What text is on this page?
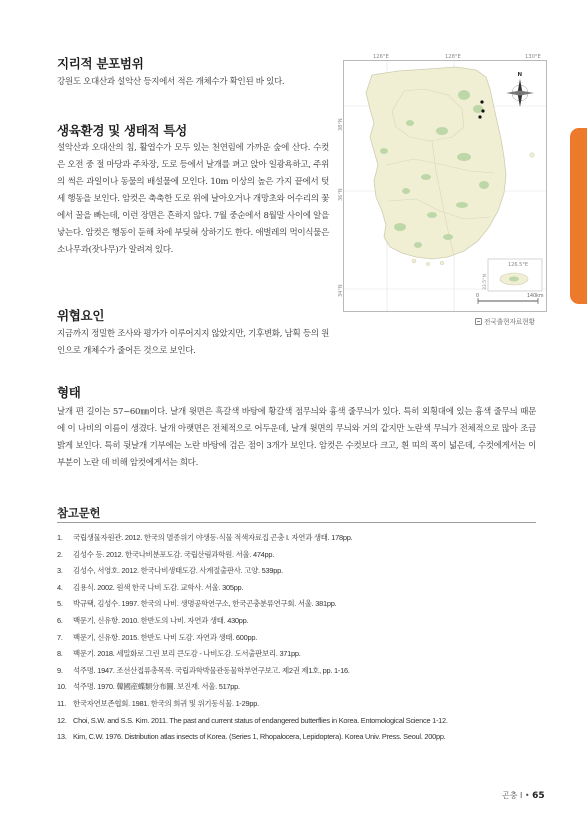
지리적 분포범위

강원도 오대산과 설악산 등지에서 적은 개체수가 확인된 바 있다.

생육환경 및 생태적 특성

설악산과 오대산의 침, 활엽수가 모두 있는 천연림에 가까운 숲에 산다. 수컷은 오전 중 절 마당과 주차장, 도로 등에서 날개를 펴고 앉아 일광욕하고, 주위의 썩은 과일이나 동물의 배설물에 모인다. 10m 이상의 높은 가지 끝에서 텃세 행동을 보인다. 암컷은 축축한 도로 위에 날아오거나 개망초와 어수리의 꽃에서 꿀을 빠는데, 이런 장면은 흔하지 않다. 7월 중순에서 8월말 사이에 알을 낳는다. 암컷은 행동이 둔해 차에 부딪혀 상하기도 한다. 애벌레의 먹이식물은 소나무과(잣나무)가 알려져 있다.

위협요인

지금까지 정밀한 조사와 평가가 이루어지지 않았지만, 기후변화, 남획 등의 원인으로 개체수가 줄어든 것으로 보인다.

형태

날개 편 길이는 57~60㎜이다. 날개 윗면은 흑갈색 바탕에 황갈색 점무늬와 흉색 줄무늬가 있다. 특히 외횡대에 있는 흉색 줄무늬 때문에 이 나비의 이름이 생겼다. 날개 아랫면은 전체적으로 어두운데, 날개 윗면의 무늬와 거의 같지만 노란색 무늬가 전체적으로 많아 조금 밝게 보인다. 특히 뒷날개 기부에는 노란 바탕에 검은 점이 3개가 보인다. 암컷은 수컷보다 크고, 흰 띠의 폭이 넓은데, 수컷에게서는 이 부분이 노란 데 비해 암컷에게서는 희다.

참고문헌
1.	국립생물자원관. 2012. 한국의 멸종위기 야생동·식물 적색자료집 곤충 I. 자연과 생태. 178pp.
2.	김성수 등. 2012. 한국나비분포도감. 국립산림과학원. 서울. 474pp.
3.	김성수, 서영호. 2012. 한국나비생태도감. 사계절출판사. 고양. 539pp.
4.	김용식. 2002. 원색 한국 나비 도감. 교학사. 서울. 305pp.
5.	박규택, 김성수. 1997. 한국의 나비. 생명공학연구소, 한국곤충분류연구회. 서울. 381pp.
6.	백문기, 신유항. 2010. 한반도의 나비. 자연과 생태. 430pp.
7.	백문기, 신유항. 2015. 한반도 나비 도감. 자연과 생태. 600pp.
8.	백문기. 2018. 세밀화로 그린 보리 큰도감 - 나비도감. 도서출판보리. 371pp.
9.	석주명. 1947. 조선산접류총목록. 국립과학박물관동물학부연구보고. 제2권 제1호, pp. 1-16.
10. 석주명. 1970. 韓國産蝶類分布圖. 보진재. 서울. 517pp.
11. 한국자연보존협회. 1981. 한국의 희귀 및 위기동식물. 1-29pp.
12. Choi, S.W. and S.S. Kim. 2011. The past and current status of endangered butterflies in Korea. Entomological Science 1-12.
13. Kim, C.W. 1976. Distribution atlas insects of Korea. (Series 1, Rhopalocera, Lepidoptera). Korea Univ. Press. Seoul. 200pp.
N
38°N
36°N
34°N
126.5°E
33.5°N
0	140km
126°E	128°E	130°E
전국출현자료현황
곤충 I • 65
